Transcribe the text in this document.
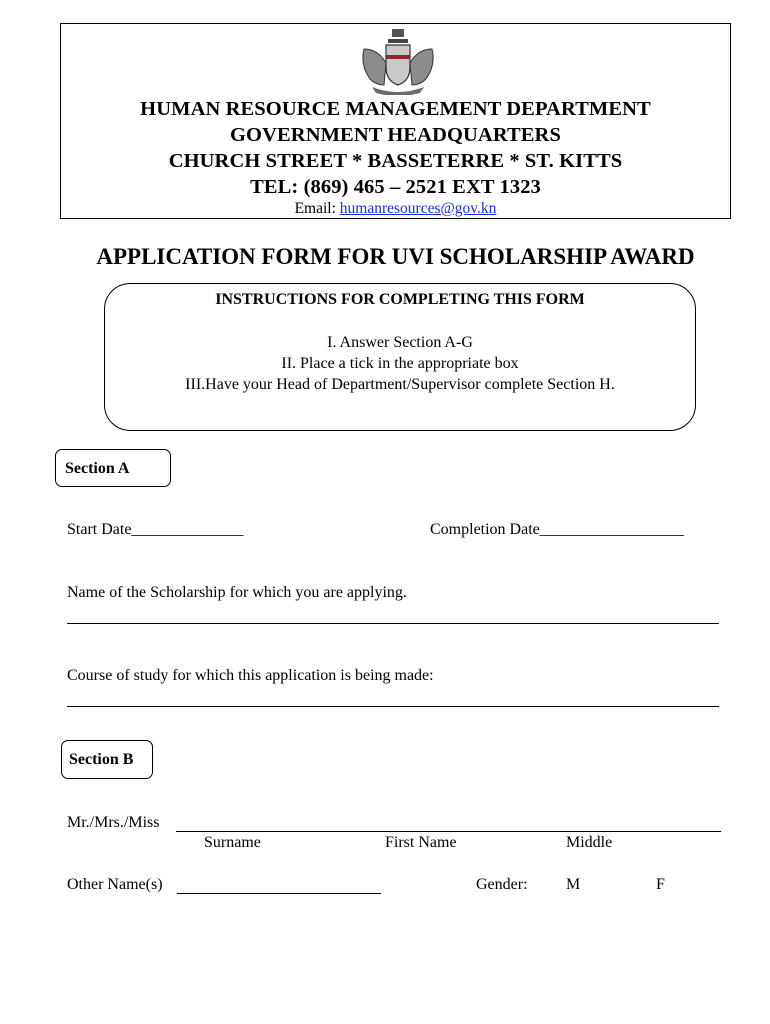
HUMAN RESOURCE MANAGEMENT DEPARTMENT
GOVERNMENT HEADQUARTERS
CHURCH STREET * BASSETERRE * ST. KITTS
TEL: (869) 465 – 2521 EXT 1323
Email: humanresources@gov.kn
APPLICATION FORM FOR UVI SCHOLARSHIP AWARD
INSTRUCTIONS FOR COMPLETING THIS FORM
I. Answer Section A-G
II. Place a tick in the appropriate box
III.Have your Head of Department/Supervisor complete Section H.
Section A
Start Date______________	Completion Date__________________
Name of the Scholarship for which you are applying.
Course of study for which this application is being made:
Section B
Mr./Mrs./Miss
Surname	First Name	Middle
Other Name(s)	Gender: M	F
